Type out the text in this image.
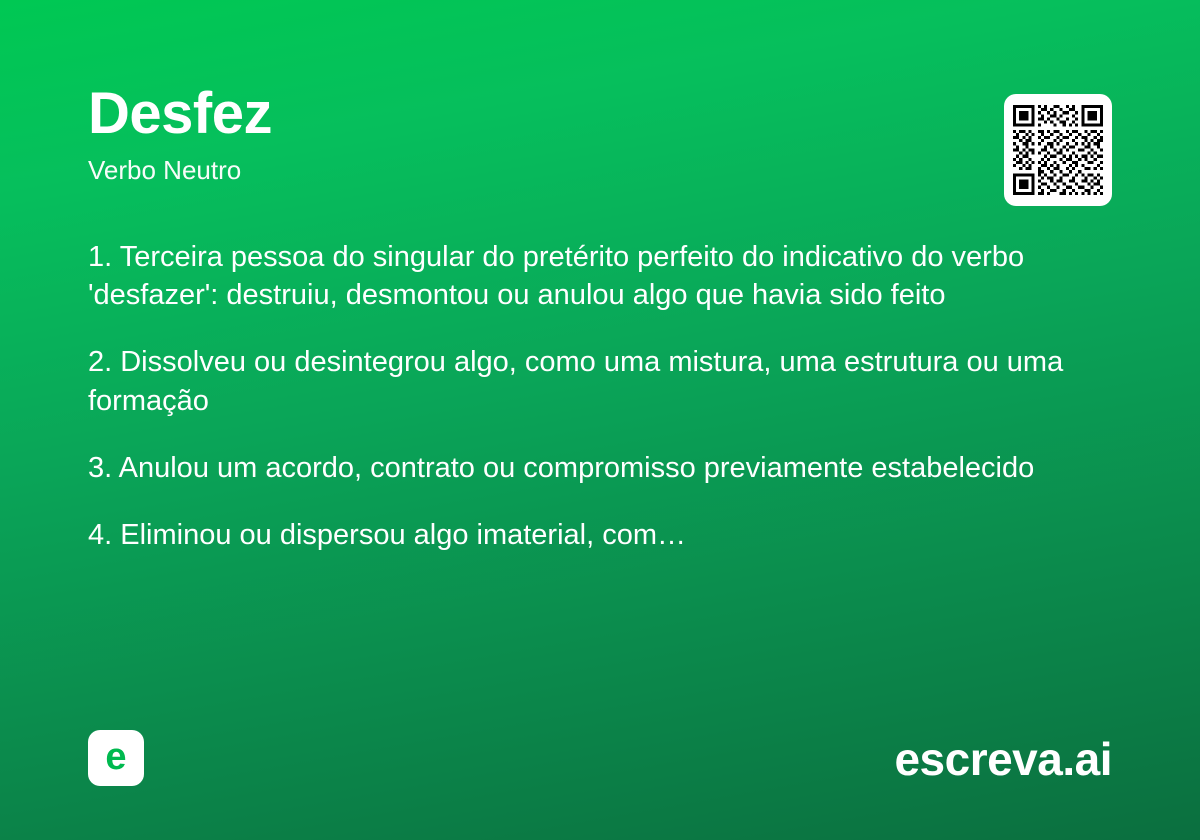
Desfez

Verbo Neutro

1. Terceira pessoa do singular do pretérito perfeito do indicativo do verbo 'desfazer': destruiu, desmontou ou anulou algo que havia sido feito

2. Dissolveu ou desintegrou algo, como uma mistura, uma estrutura ou uma formação

3. Anulou um acordo, contrato ou compromisso previamente estabelecido

4. Eliminou ou dispersou algo imaterial, com…

e	escreva.ai
